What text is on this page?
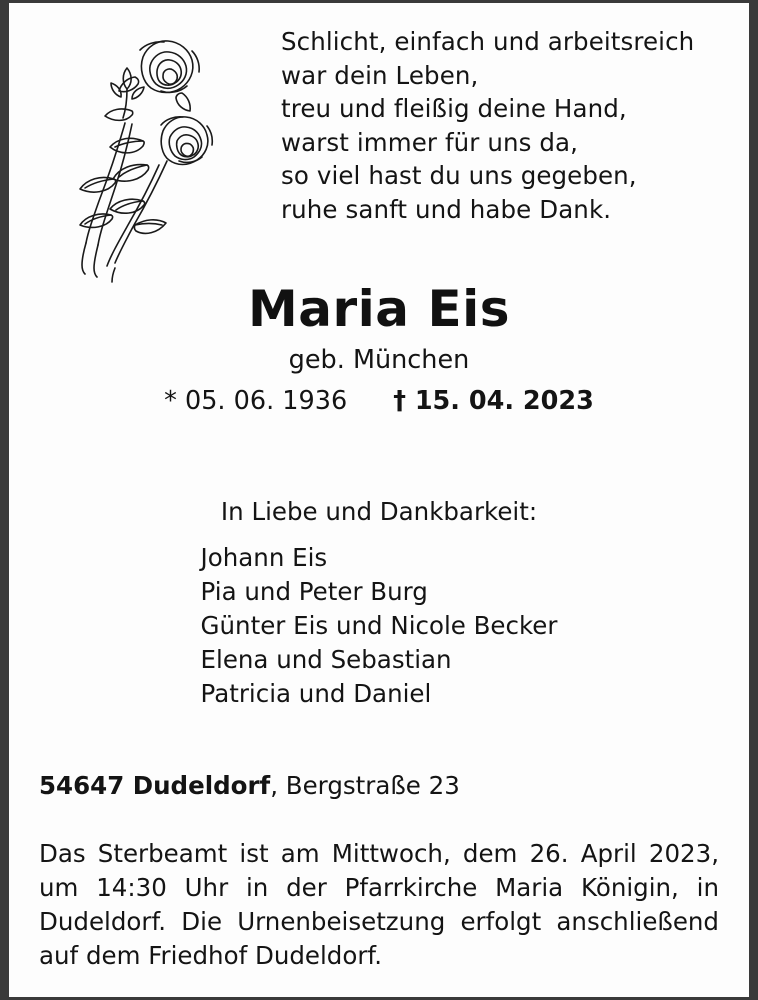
Schlicht, einfach und arbeitsreich
war dein Leben,
treu und fleißig deine Hand,
warst immer für uns da,
so viel hast du uns gegeben,
ruhe sanft und habe Dank.
Maria Eis
geb. München
* 05. 06. 1936 † 15. 04. 2023
In Liebe und Dankbarkeit:
Johann Eis
Pia und Peter Burg
Günter Eis und Nicole Becker
Elena und Sebastian
Patricia und Daniel
54647 Dudeldorf, Bergstraße 23
Das Sterbeamt ist am Mittwoch, dem 26. April 2023, um 14:30 Uhr in der Pfarrkirche Maria Königin, in Dudeldorf. Die Urnenbeisetzung erfolgt anschließend auf dem Friedhof Dudeldorf.
